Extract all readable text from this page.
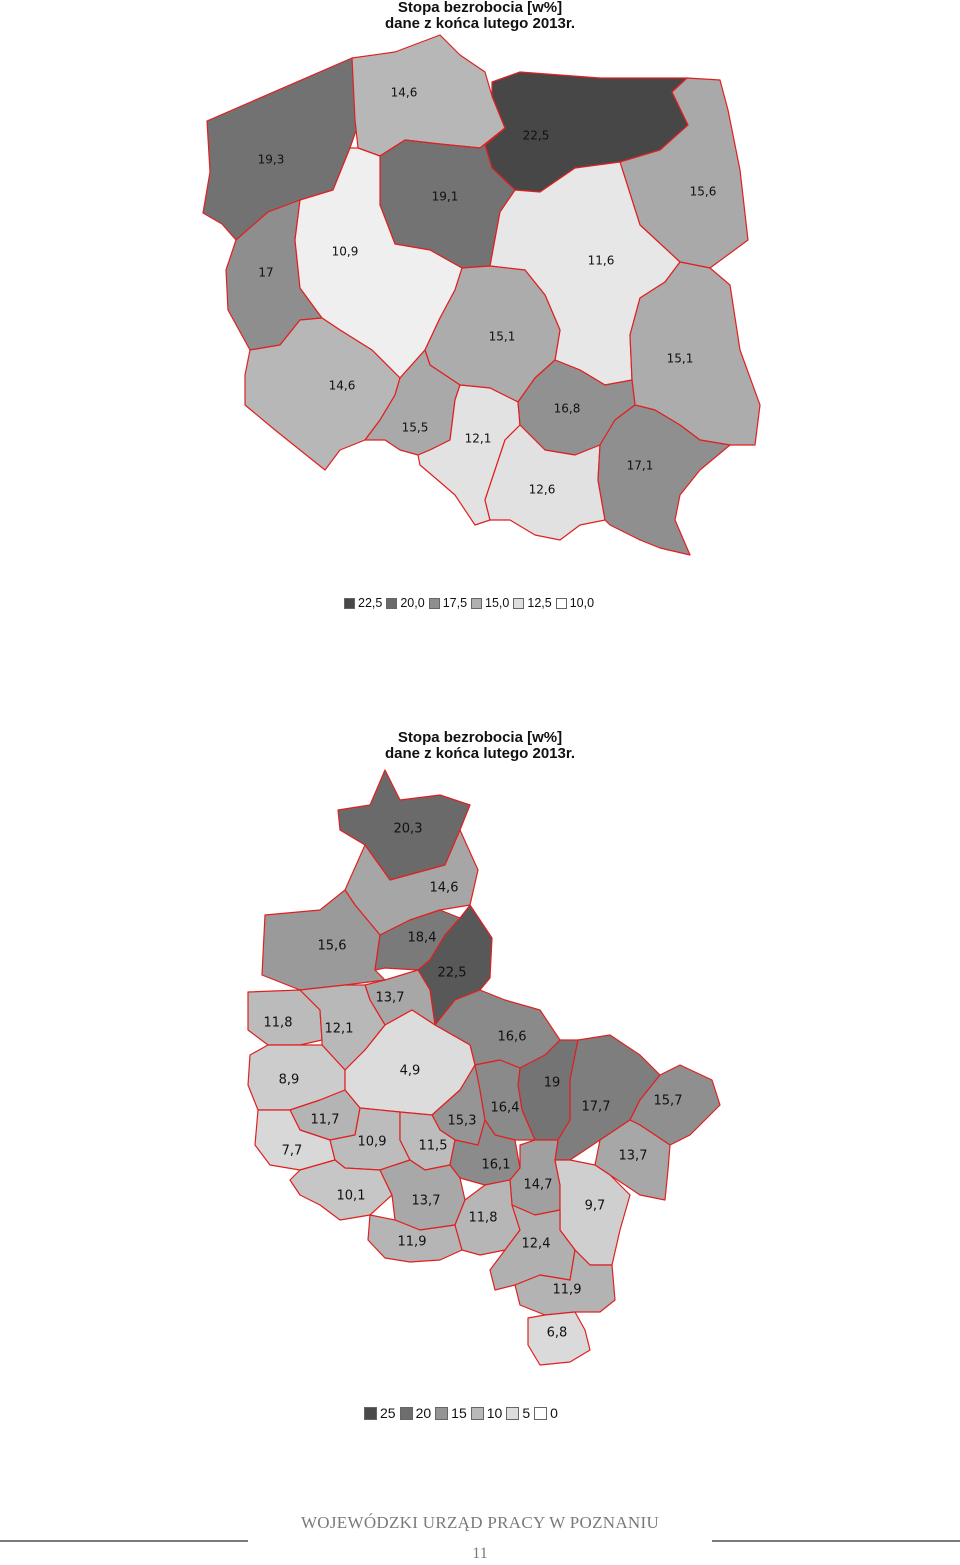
Stopa bezrobocia [w%]
dane z końca lutego 2013r.
19,3
14,6
22,5
15,6
19,1
17
10,9
11,6
15,1
15,1
14,6
15,5
12,1
16,8
12,6
17,1
22,5 20,0 17,5 15,0 12,5 10,0
Stopa bezrobocia [w%]
dane z końca lutego 2013r.
20,3
14,6
15,6
18,4
22,5
13,7
11,8 12,1
16,6
8,9
4,9
19
17,7	15,7
11,7	15,3
16,4
7,7
10,9 11,5
16,1
13,7
10,1	13,7
14,7
9,7
11,9
11,8
12,4
11,9
6,8
25 20 15 10 5 0
WOJEWÓDZKI URZĄD PRACY W POZNANIU
11
